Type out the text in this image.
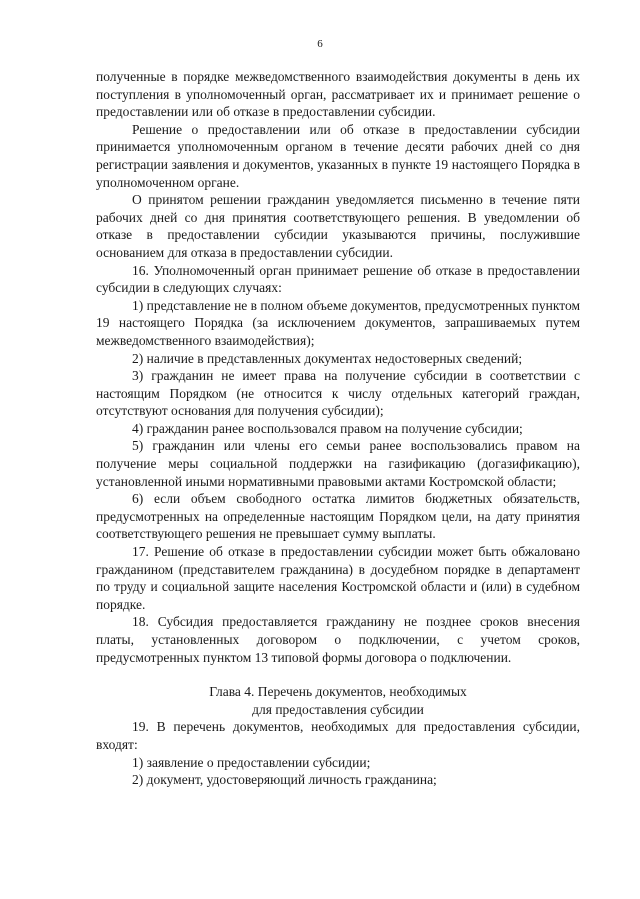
6

полученные в порядке межведомственного взаимодействия документы в день их поступления в уполномоченный орган, рассматривает их и принимает решение о предоставлении или об отказе в предоставлении субсидии.

Решение о предоставлении или об отказе в предоставлении субсидии принимается уполномоченным органом в течение десяти рабочих дней со дня регистрации заявления и документов, указанных в пункте 19 настоящего Порядка в уполномоченном органе.

О принятом решении гражданин уведомляется письменно в течение пяти рабочих дней со дня принятия соответствующего решения. В уведомлении об отказе в предоставлении субсидии указываются причины, послужившие основанием для отказа в предоставлении субсидии.

16. Уполномоченный орган принимает решение об отказе в предоставлении субсидии в следующих случаях:

1) представление не в полном объеме документов, предусмотренных пунктом 19 настоящего Порядка (за исключением документов, запрашиваемых путем межведомственного взаимодействия);

2) наличие в представленных документах недостоверных сведений;

3) гражданин не имеет права на получение субсидии в соответствии с настоящим Порядком (не относится к числу отдельных категорий граждан, отсутствуют основания для получения субсидии);

4) гражданин ранее воспользовался правом на получение субсидии;

5) гражданин или члены его семьи ранее воспользовались правом на получение меры социальной поддержки на газификацию (догазификацию), установленной иными нормативными правовыми актами Костромской области;

6) если объем свободного остатка лимитов бюджетных обязательств, предусмотренных на определенные настоящим Порядком цели, на дату принятия соответствующего решения не превышает сумму выплаты.

17. Решение об отказе в предоставлении субсидии может быть обжаловано гражданином (представителем гражданина) в досудебном порядке в департамент по труду и социальной защите населения Костромской области и (или) в судебном порядке.

18. Субсидия предоставляется гражданину не позднее сроков внесения платы, установленных договором о подключении, с учетом сроков, предусмотренных пунктом 13 типовой формы договора о подключении.

Глава 4. Перечень документов, необходимых
для предоставления субсидии

19. В перечень документов, необходимых для предоставления субсидии, входят:

1) заявление о предоставлении субсидии;

2) документ, удостоверяющий личность гражданина;
